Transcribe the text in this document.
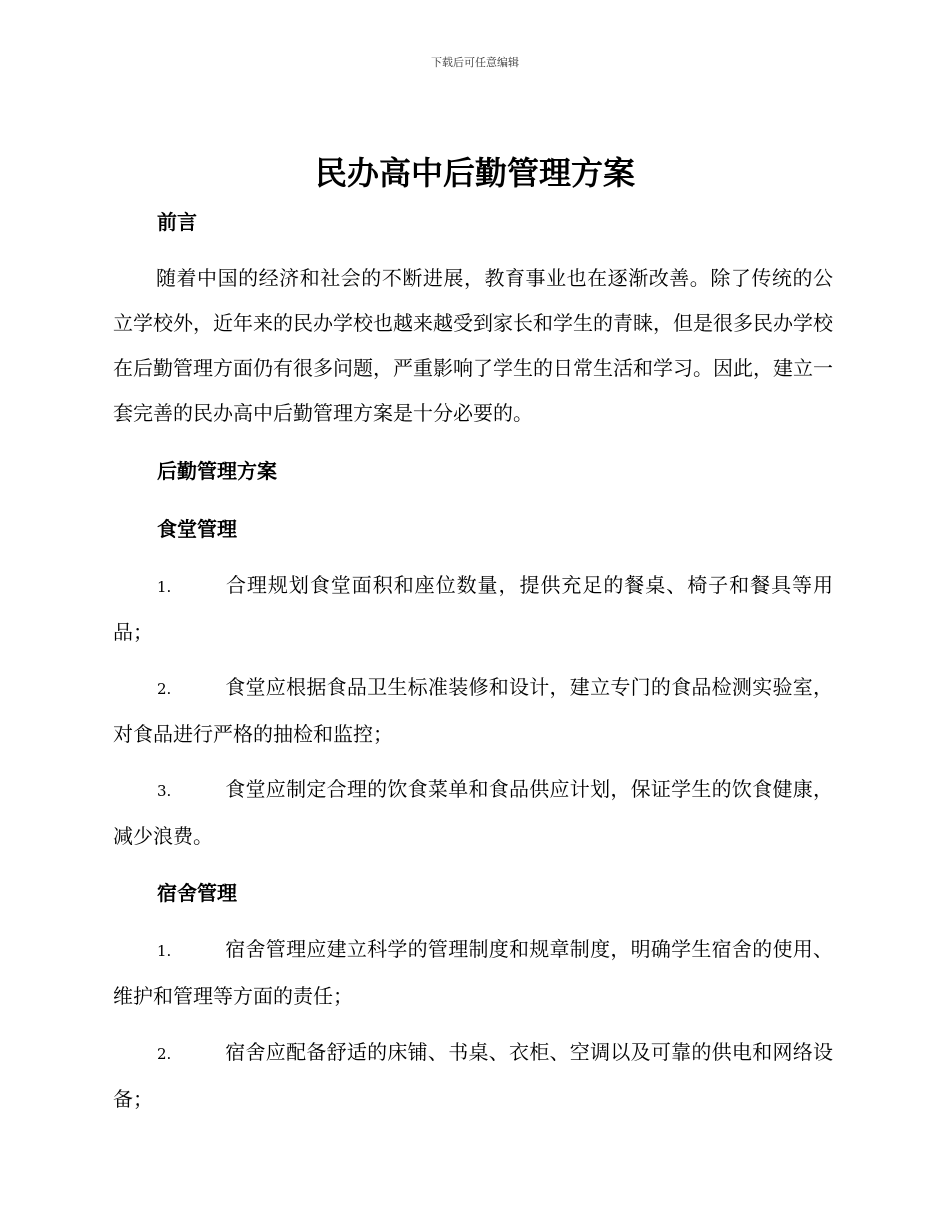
下载后可任意编辑
民办高中后勤管理方案
前言
随着中国的经济和社会的不断进展，教育事业也在逐渐改善。除了传统的公立学校外，近年来的民办学校也越来越受到家长和学生的青睐，但是很多民办学校在后勤管理方面仍有很多问题，严重影响了学生的日常生活和学习。因此，建立一套完善的民办高中后勤管理方案是十分必要的。
后勤管理方案
食堂管理
1.	合理规划食堂面积和座位数量，提供充足的餐桌、椅子和餐具等用品；
2.	食堂应根据食品卫生标准装修和设计，建立专门的食品检测实验室，对食品进行严格的抽检和监控；
3.	食堂应制定合理的饮食菜单和食品供应计划，保证学生的饮食健康，减少浪费。
宿舍管理
1.	宿舍管理应建立科学的管理制度和规章制度，明确学生宿舍的使用、维护和管理等方面的责任；
2.	宿舍应配备舒适的床铺、书桌、衣柜、空调以及可靠的供电和网络设备；
